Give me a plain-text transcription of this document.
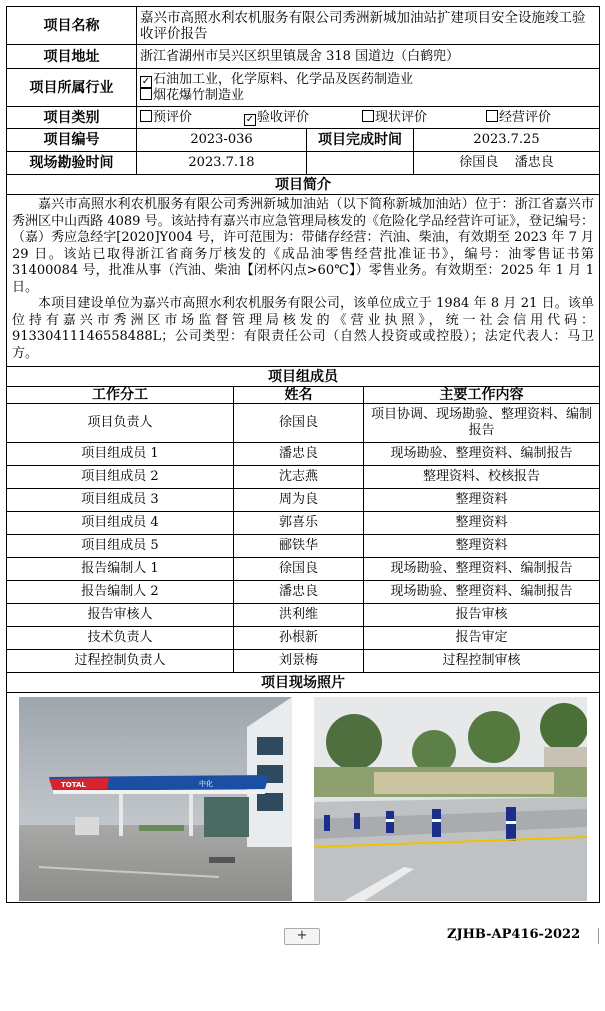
项目名称	嘉兴市高照水利农机服务有限公司秀洲新城加油站扩建项目安全设施竣工验收评价报告		
项目地址	浙江省湖州市吴兴区织里镇晟舍 318 国道边（白鹤兜）		
项目所属行业	✓ 石油加工业，化学原料、化学品及医药制造业
烟花爆竹制造业		

项目类别	预评价 ✓ 验收评价 现状评价 经营评价		

项目编号	2023-036	项目完成时间	2023.7.25
现场勘验时间	2023.7.18		徐国良    潘忠良
项目简介			

嘉兴市高照水利农机服务有限公司秀洲新城加油站（以下简称新城加油站）位于：浙江省嘉兴市秀洲区中山西路 4089 号。该站持有嘉兴市应急管理局核发的《危险化学品经营许可证》，登记编号：（嘉）秀应急经字[2020]Y004 号，许可范围为：带储存经营：汽油、柴油，有效期至 2023 年 7 月 29 日。该站已取得浙江省商务厅核发的《成品油零售经营批准证书》，编号：油零售证书第 31400084 号，批准从事（汽油、柴油【闭杯闪点>60℃】）零售业务。有效期至：2025 年 1 月 1 日。

本项目建设单位为嘉兴市高照水利农机服务有限公司，该单位成立于 1984 年 8 月 21 日。该单位持有嘉兴市秀洲区市场监督管理局核发的《营业执照》，统一社会信用代码：91330411146558488L；公司类型：有限责任公司（自然人投资或或控股）；法定代表人：马卫方。			

项目组成员			
工作分工	姓名	主要工作内容
项目负责人	徐国良	项目协调、现场勘验、整理资料、编制报告
项目组成员 1	潘忠良	现场勘验、整理资料、编制报告
项目组成员 2	沈志燕	整理资料、校核报告
项目组成员 3	周为良	整理资料
项目组成员 4	郭喜乐	整理资料
项目组成员 5	郦铁华	整理资料
报告编制人 1	徐国良	现场勘验、整理资料、编制报告
报告编制人 2	潘忠良	现场勘验、整理资料、编制报告
报告审核人	洪利维	报告审核
技术负责人	孙根新	报告审定
过程控制负责人	刘景梅	过程控制审核
项目现场照片		

TOTAL 中化		
+	ZJHB-AP416-2022
